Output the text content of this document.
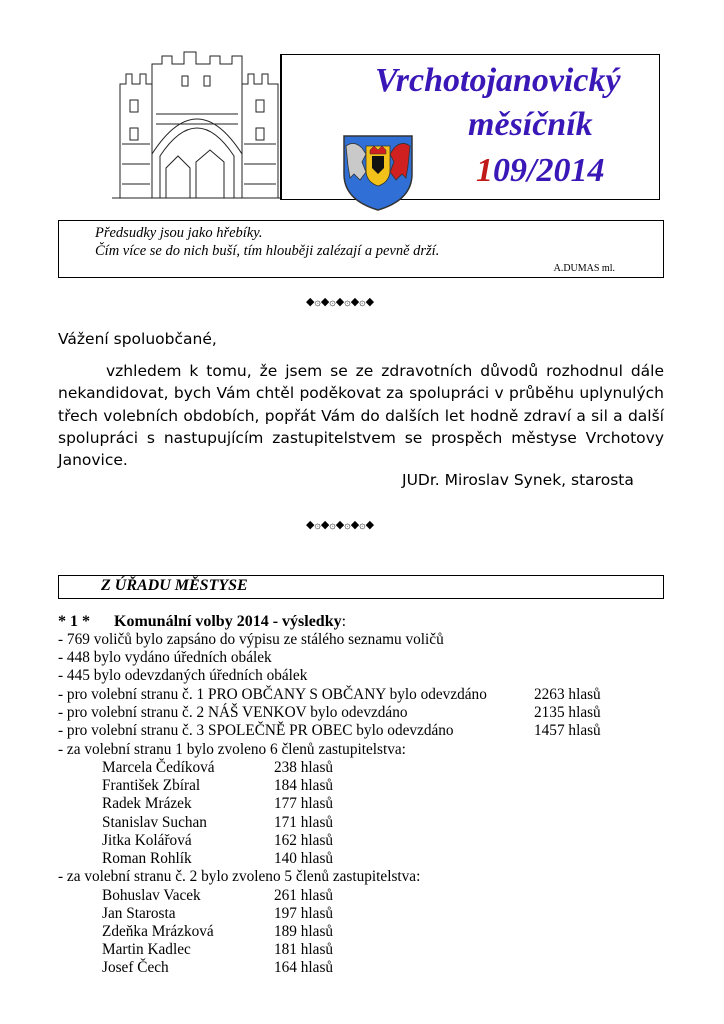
Vrchotojanovický
měsíčník
109/2014
Předsudky jsou jako hřebíky.
Čím více se do nich buší, tím hlouběji zalézají a pevně drží.
A.DUMAS ml.
◆۞◆۞◆۞◆۞◆
Vážení spoluobčané,
vzhledem k tomu, že jsem se ze zdravotních důvodů rozhodnul dále nekandidovat, bych Vám chtěl poděkovat za spolupráci v průběhu uplynulých třech volebních obdobích, popřát Vám do dalších let hodně zdraví a sil a další spolupráci s nastupujícím zastupitelstvem se prospěch městyse Vrchotovy Janovice.
JUDr. Miroslav Synek, starosta
◆۞◆۞◆۞◆۞◆
Z ÚŘADU MĚSTYSE
* 1 * Komunální volby 2014 - výsledky:
- 769 voličů bylo zapsáno do výpisu ze stálého seznamu voličů
- 448 bylo vydáno úředních obálek
- 445 bylo odevzdaných úředních obálek
- pro volební stranu č. 1 PRO OBČANY S OBČANY bylo odevzdáno	2263 hlasů
- pro volební stranu č. 2 NÁŠ VENKOV bylo odevzdáno	2135 hlasů
- pro volební stranu č. 3 SPOLEČNĚ PR OBEC bylo odevzdáno	1457 hlasů
- za volební stranu 1 bylo zvoleno 6 členů zastupitelstva:
Marcela Čedíková	238 hlasů
František Zbíral	184 hlasů
Radek Mrázek	177 hlasů
Stanislav Suchan	171 hlasů
Jitka Kolářová	162 hlasů
Roman Rohlík	140 hlasů
- za volební stranu č. 2 bylo zvoleno 5 členů zastupitelstva:
Bohuslav Vacek	261 hlasů
Jan Starosta	197 hlasů
Zdeňka Mrázková	189 hlasů
Martin Kadlec	181 hlasů
Josef Čech	164 hlasů
